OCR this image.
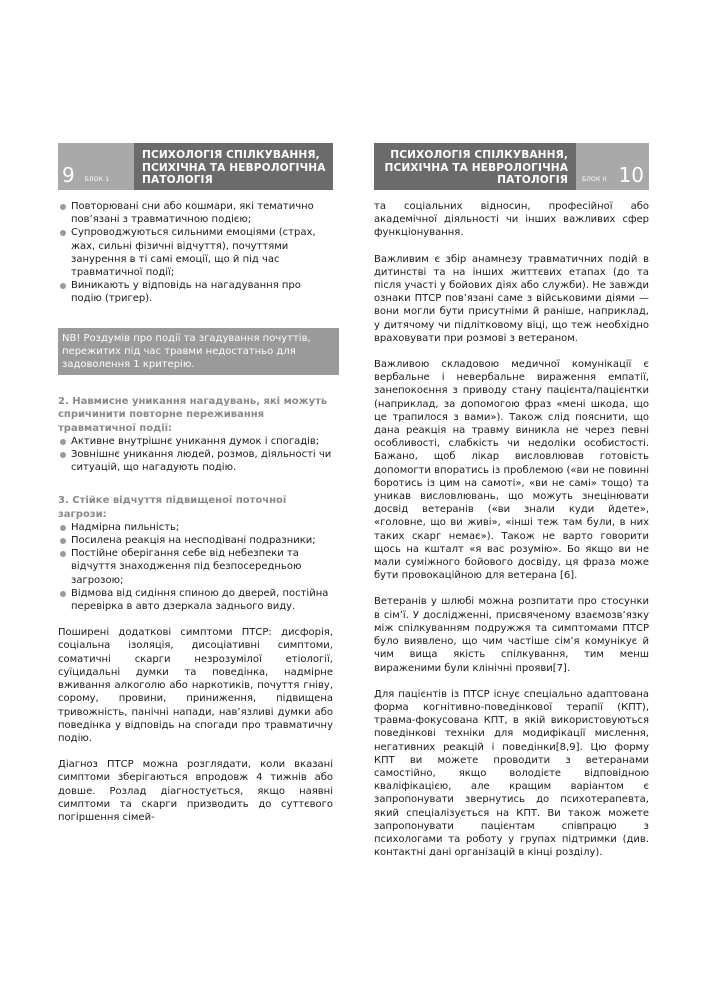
9	БЛОК 1
ПСИХОЛОГІЯ СПІЛКУВАННЯ, ПСИХІЧНА ТА НЕВРОЛОГІЧНА ПАТОЛОГІЯ
Повторювані сни або кошмари, які тематично пов’язані з травматичною подією;
Супроводжуються сильними емоціями (страх, жах, сильні фізичні відчуття), почуттями занурення в ті самі емоції, що й під час травматичної події;
Виникають у відповідь на нагадування про подію (тригер).
NB! Роздумів про події та згадування почуттів, пережитих під час травми недостатньо для задоволення 1 критерію.
2. Навмисне уникання нагадувань, які можуть спричинити повторне переживання травматичної події:
Активне внутрішнє уникання думок і спогадів;
Зовнішнє уникання людей, розмов, діяльності чи ситуацій, що нагадують подію.
3. Стійке відчуття підвищеної поточної загрози:
Надмірна пильність;
Посилена реакція на несподівані подразники;
Постійне оберігання себе від небезпеки та відчуття знаходження під безпосередньою загрозою;
Відмова від сидіння спиною до дверей, постійна перевірка в авто дзеркала заднього виду.

Поширені додаткові симптоми ПТСР: дисфорія, соціальна ізоляція, дисоціативні симптоми, соматичні скарги незрозумілої етіології, суїцидальні думки та поведінка, надмірне вживання алкоголю або наркотиків, почуття гніву, сорому, провини, приниження, підвищена тривожність, панічні напади, нав’язливі думки або поведінка у відповідь на спогади про травматичну подію.

Діагноз ПТСР можна розглядати, коли вказані симптоми зберігаються впродовж 4 тижнів або довше. Розлад діагностується, якщо наявні симптоми та скарги призводить до суттєвого погіршення сімей-

ПСИХОЛОГІЯ СПІЛКУВАННЯ, ПСИХІЧНА ТА НЕВРОЛОГІЧНА ПАТОЛОГІЯ	БЛОК II 10

та соціальних відносин, професійної або академічної діяльності чи інших важливих сфер функціонування.

Важливим є збір анамнезу травматичних подій в дитинстві та на інших життєвих етапах (до та після участі у бойових діях або служби). Не завжди ознаки ПТСР пов’язані саме з військовими діями — вони могли бути присутніми й раніше, наприклад, у дитячому чи підлітковому віці, що теж необхідно враховувати при розмові з ветераном.

Важливою складовою медичної комунікації є вербальне і невербальне вираження емпатії, занепокоєння з приводу стану пацієнта/пацієнтки (наприклад, за допомогою фраз «мені шкода, що це трапилося з вами»). Також слід пояснити, що дана реакція на травму виникла не через певні особливості, слабкість чи недоліки особистості. Бажано, щоб лікар висловлював готовість допомогти впоратись із проблемою («ви не повинні боротись із цим на самоті», «ви не самі» тощо) та уникав висловлювань, що можуть знецінювати досвід ветеранів («ви знали куди йдете», «головне, що ви живі», «інші теж там були, в них таких скарг немає»). Також не варто говорити щось на кшталт «я вас розумію». Бо якщо ви не мали суміжного бойового досвіду, ця фраза може бути провокаційною для ветерана [6].

Ветеранів у шлюбі можна розпитати про стосунки в сім’ї. У дослідженні, присвяченому взаємозв’язку між спілкуванням подружжя та симптомами ПТСР було виявлено, що чим частіше сім’я комунікує й чим вища якість спілкування, тим менш вираженими були клінічні прояви[7].

Для пацієнтів із ПТСР існує спеціально адаптована форма когнітивно-поведінкової терапії (КПТ), травма-фокусована КПТ, в якій використовуються поведінкові техніки для модифікації мислення, негативних реакцій і поведінки[8,9]. Цю форму КПТ ви можете проводити з ветеранами самостійно, якщо володієте відповідною кваліфікацією, але кращим варіантом є запропонувати звернутись до психотерапевта, який спеціалізується на КПТ. Ви також можете запропонувати пацієнтам співпрацю з психологами та роботу у групах підтримки (див. контактні дані організацій в кінці розділу).
